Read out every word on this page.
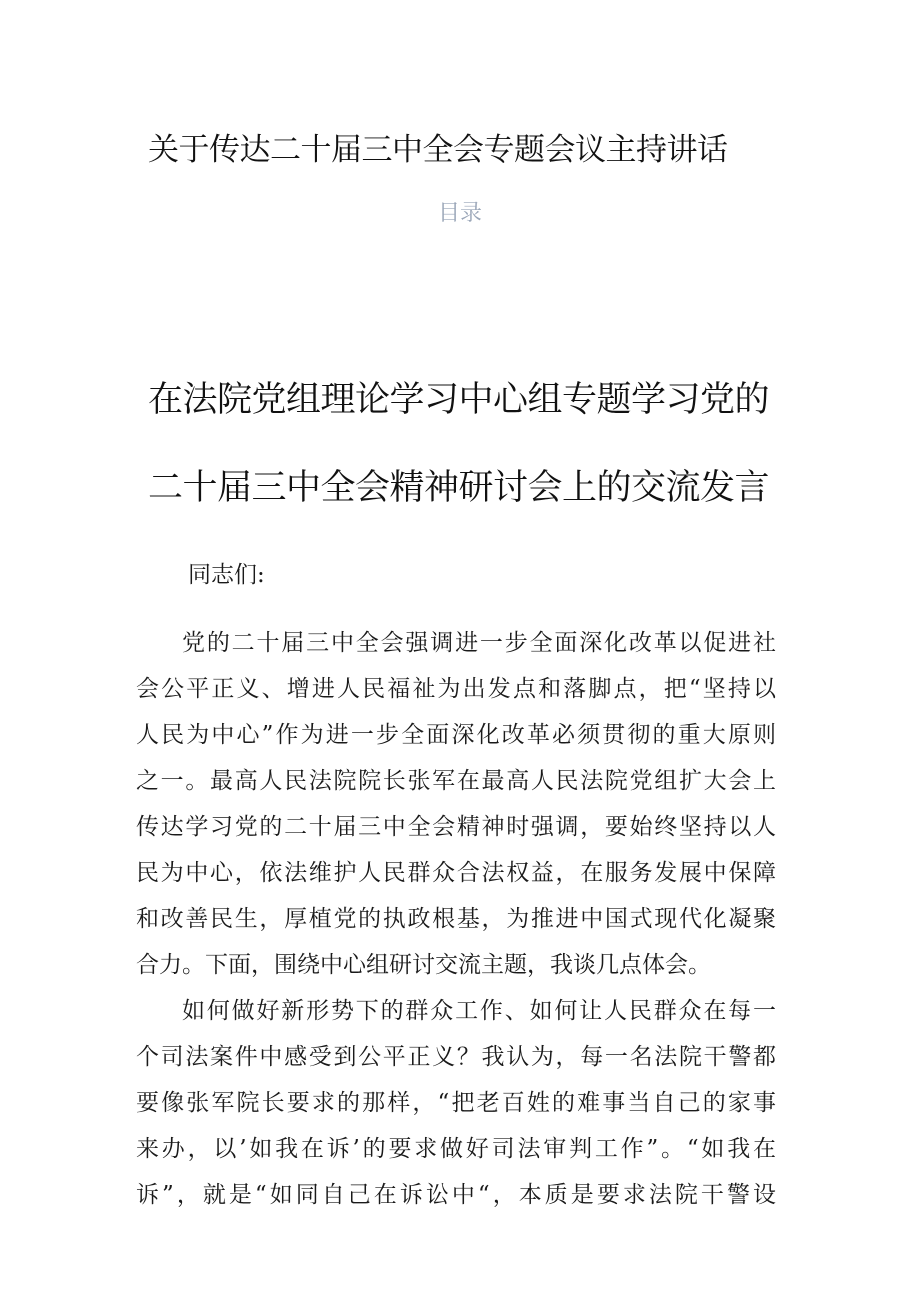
关于传达二十届三中全会专题会议主持讲话
目录
在法院党组理论学习中心组专题学习党的
二十届三中全会精神研讨会上的交流发言
同志们:
党的二十届三中全会强调进一步全面深化改革以促进社
会公平正义、增进人民福祉为出发点和落脚点，把“坚持以
人民为中心”作为进一步全面深化改革必须贯彻的重大原则
之一。最高人民法院院长张军在最高人民法院党组扩大会上
传达学习党的二十届三中全会精神时强调，要始终坚持以人
民为中心，依法维护人民群众合法权益，在服务发展中保障
和改善民生，厚植党的执政根基，为推进中国式现代化凝聚
合力。下面，围绕中心组研讨交流主题，我谈几点体会。
如何做好新形势下的群众工作、如何让人民群众在每一
个司法案件中感受到公平正义？我认为，每一名法院干警都
要像张军院长要求的那样，“把老百姓的难事当自己的家事
来办，以’如我在诉’的要求做好司法审判工作”。“如我在
诉”，就是“如同自己在诉讼中“，本质是要求法院干警设
